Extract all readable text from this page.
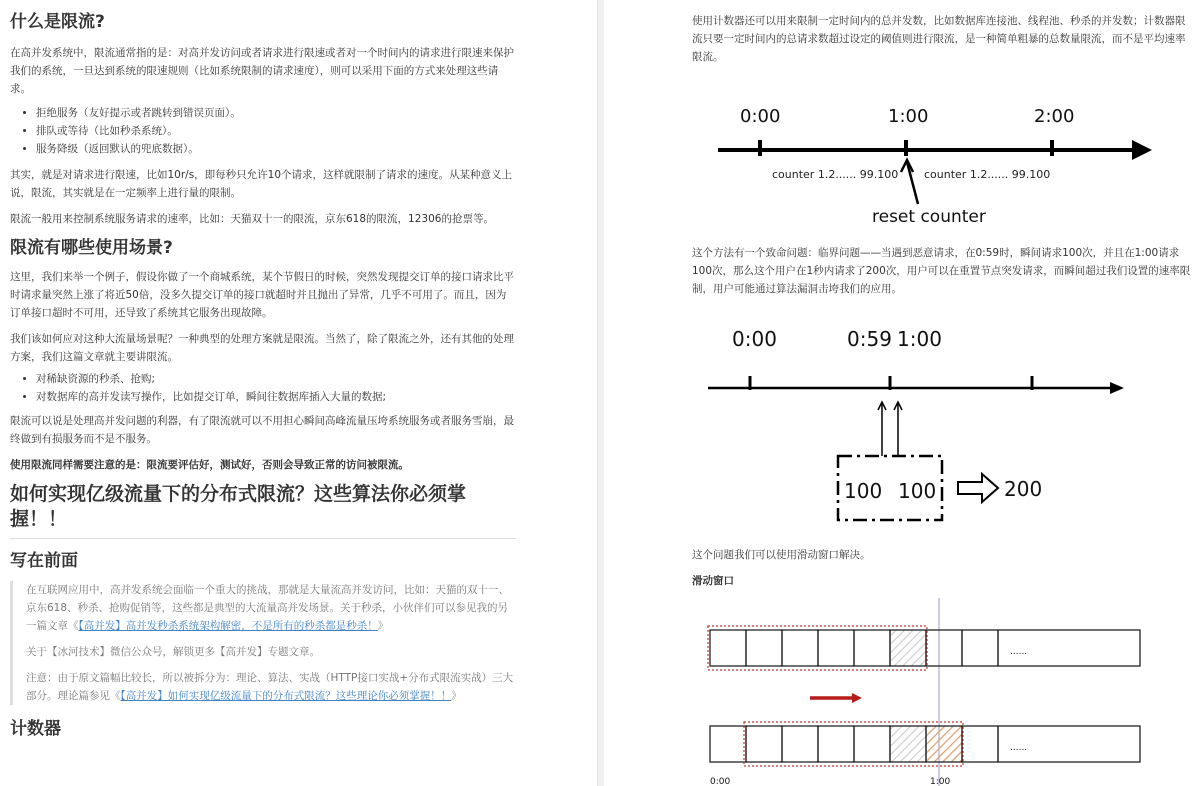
什么是限流?

在高并发系统中，限流通常指的是：对高并发访问或者请求进行限速或者对一个时间内的请求进行限速来保护我们的系统，一旦达到系统的限速规则（比如系统限制的请求速度），则可以采用下面的方式来处理这些请求。

• 拒绝服务（友好提示或者跳转到错误页面）。
• 排队或等待（比如秒杀系统）。
• 服务降级（返回默认的兜底数据）。

其实，就是对请求进行限速，比如10r/s，即每秒只允许10个请求，这样就限制了请求的速度。从某种意义上说，限流，其实就是在一定频率上进行量的限制。

限流一般用来控制系统服务请求的速率，比如：天猫双十一的限流，京东618的限流，12306的抢票等。

限流有哪些使用场景?

这里，我们来举一个例子，假设你做了一个商城系统，某个节假日的时候，突然发现提交订单的接口请求比平时请求量突然上涨了将近50倍，没多久提交订单的接口就超时并且抛出了异常，几乎不可用了。而且，因为订单接口超时不可用，还导致了系统其它服务出现故障。

我们该如何应对这种大流量场景呢？一种典型的处理方案就是限流。当然了，除了限流之外，还有其他的处理方案，我们这篇文章就主要讲限流。

• 对稀缺资源的秒杀、抢购;
• 对数据库的高并发读写操作，比如提交订单，瞬间往数据库插入大量的数据;

限流可以说是处理高并发问题的利器，有了限流就可以不用担心瞬间高峰流量压垮系统服务或者服务雪崩，最终做到有损服务而不是不服务。

使用限流同样需要注意的是：限流要评估好，测试好，否则会导致正常的访问被限流。

如何实现亿级流量下的分布式限流？这些算法你必须掌握！！
写在前面

在互联网应用中，高并发系统会面临一个重大的挑战，那就是大量流高并发访问，比如：天猫的双十一、京东618、秒杀、抢购促销等，这些都是典型的大流量高并发场景。关于秒杀，小伙伴们可以参见我的另一篇文章《【高并发】高并发秒杀系统架构解密，不是所有的秒杀都是秒杀！》

关于【冰河技术】微信公众号，解锁更多【高并发】专题文章。

注意：由于原文篇幅比较长，所以被拆分为：理论、算法、实战（HTTP接口实战+分布式限流实战）三大部分。理论篇参见《【高并发】如何实现亿级流量下的分布式限流？这些理论你必须掌握！！》

计数器

使用计数器还可以用来限制一定时间内的总并发数，比如数据库连接池、线程池、秒杀的并发数；计数器限流只要一定时间内的总请求数超过设定的阈值则进行限流，是一种简单粗暴的总数量限流，而不是平均速率限流。

0:00	1:00	2:00
counter 1.2...... 99.100 counter 1.2...... 99.100
reset counter

这个方法有一个致命问题：临界问题——当遇到恶意请求，在0:59时，瞬间请求100次，并且在1:00请求100次，那么这个用户在1秒内请求了200次，用户可以在重置节点突发请求，而瞬间超过我们设置的速率限制，用户可能通过算法漏洞击垮我们的应用。

0:00	0:59 1:00
100 100	200

这个问题我们可以使用滑动窗口解决。

滑动窗口

......
......
0:00	1:00
